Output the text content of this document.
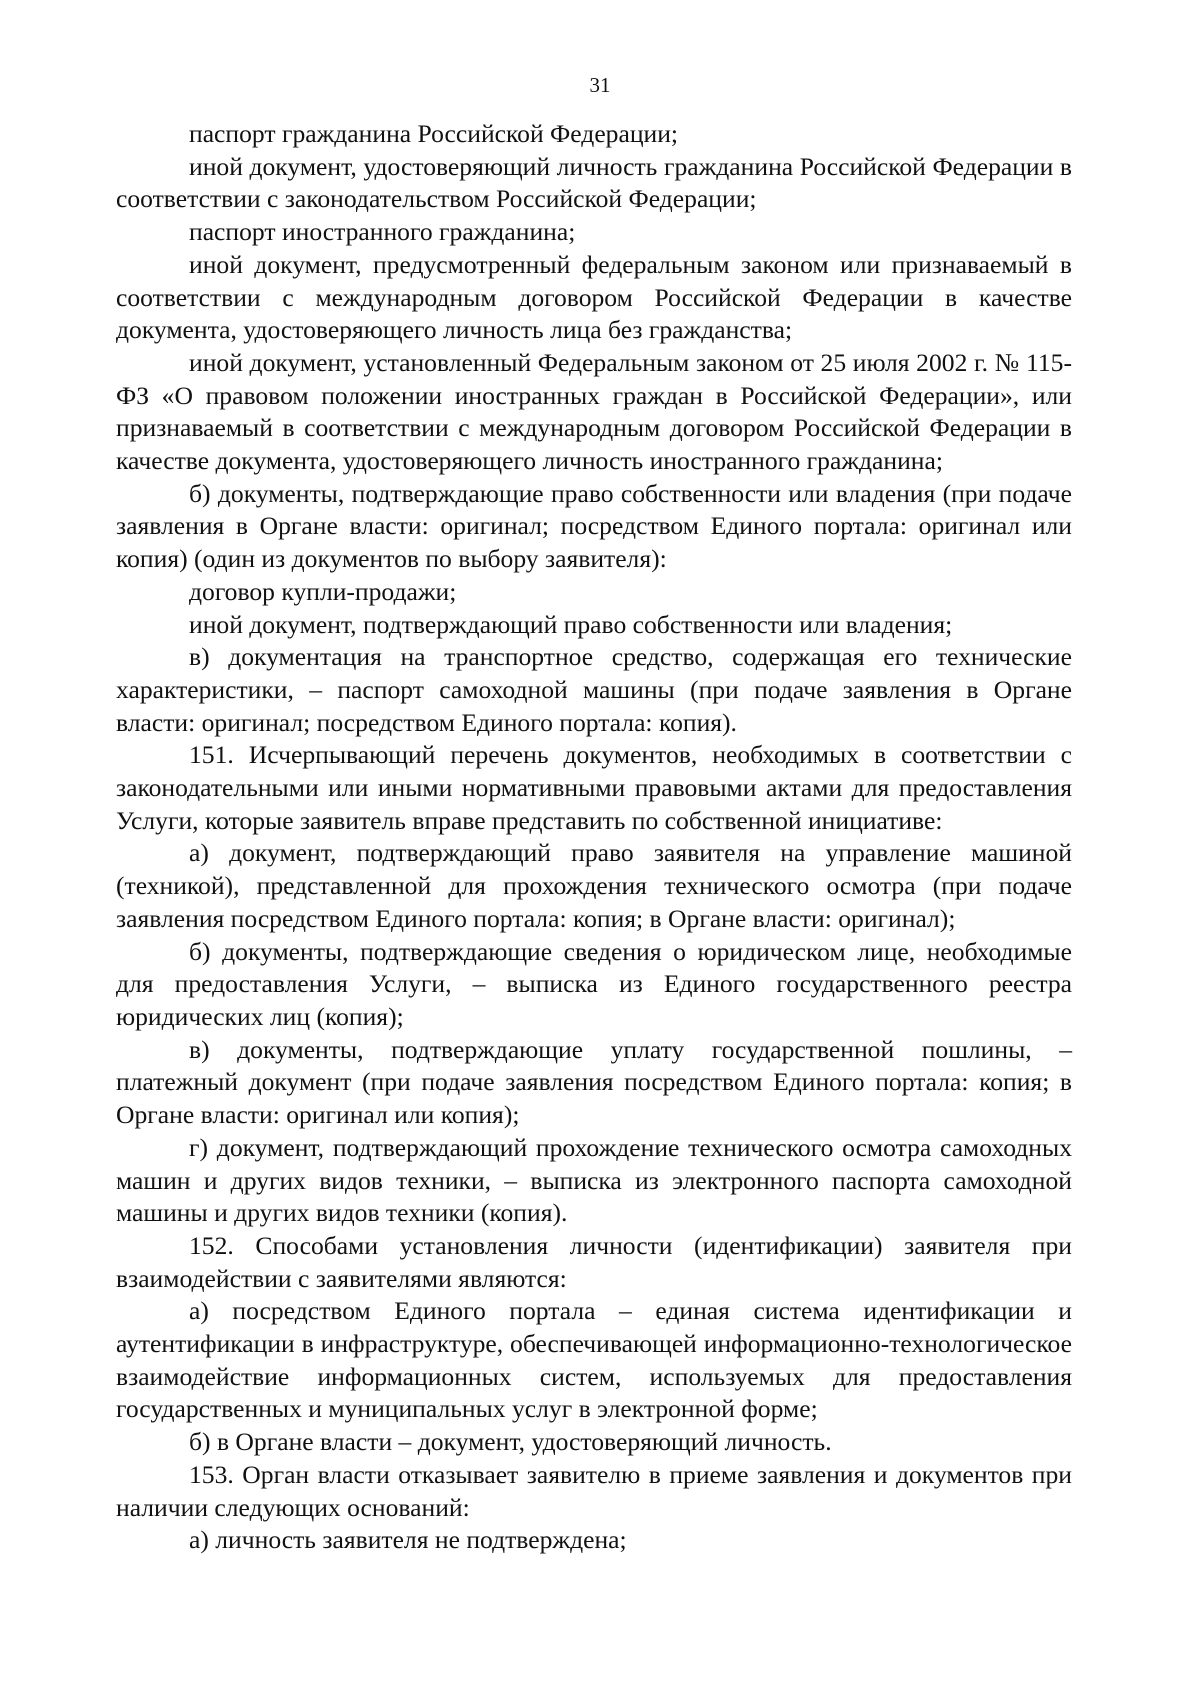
31

паспорт гражданина Российской Федерации;

иной документ, удостоверяющий личность гражданина Российской Федерации в соответствии с законодательством Российской Федерации;

паспорт иностранного гражданина;

иной документ, предусмотренный федеральным законом или признаваемый в соответствии с международным договором Российской Федерации в качестве документа, удостоверяющего личность лица без гражданства;

иной документ, установленный Федеральным законом от 25 июля 2002 г. № 115-ФЗ «О правовом положении иностранных граждан в Российской Федерации», или признаваемый в соответствии с международным договором Российской Федерации в качестве документа, удостоверяющего личность иностранного гражданина;

б) документы, подтверждающие право собственности или владения (при подаче заявления в Органе власти: оригинал; посредством Единого портала: оригинал или копия) (один из документов по выбору заявителя):

договор купли-продажи;

иной документ, подтверждающий право собственности или владения;

в) документация на транспортное средство, содержащая его технические характеристики, – паспорт самоходной машины (при подаче заявления в Органе власти: оригинал; посредством Единого портала: копия).

151. Исчерпывающий перечень документов, необходимых в соответствии с законодательными или иными нормативными правовыми актами для предоставления Услуги, которые заявитель вправе представить по собственной инициативе:

а) документ, подтверждающий право заявителя на управление машиной (техникой), представленной для прохождения технического осмотра (при подаче заявления посредством Единого портала: копия; в Органе власти: оригинал);

б) документы, подтверждающие сведения о юридическом лице, необходимые для предоставления Услуги, – выписка из Единого государственного реестра юридических лиц (копия);

в) документы, подтверждающие уплату государственной пошлины, – платежный документ (при подаче заявления посредством Единого портала: копия; в Органе власти: оригинал или копия);

г) документ, подтверждающий прохождение технического осмотра самоходных машин и других видов техники, – выписка из электронного паспорта самоходной машины и других видов техники (копия).

152. Способами установления личности (идентификации) заявителя при взаимодействии с заявителями являются:

а) посредством Единого портала – единая система идентификации и аутентификации в инфраструктуре, обеспечивающей информационно-технологическое взаимодействие информационных систем, используемых для предоставления государственных и муниципальных услуг в электронной форме;

б) в Органе власти – документ, удостоверяющий личность.

153. Орган власти отказывает заявителю в приеме заявления и документов при наличии следующих оснований:

а) личность заявителя не подтверждена;
